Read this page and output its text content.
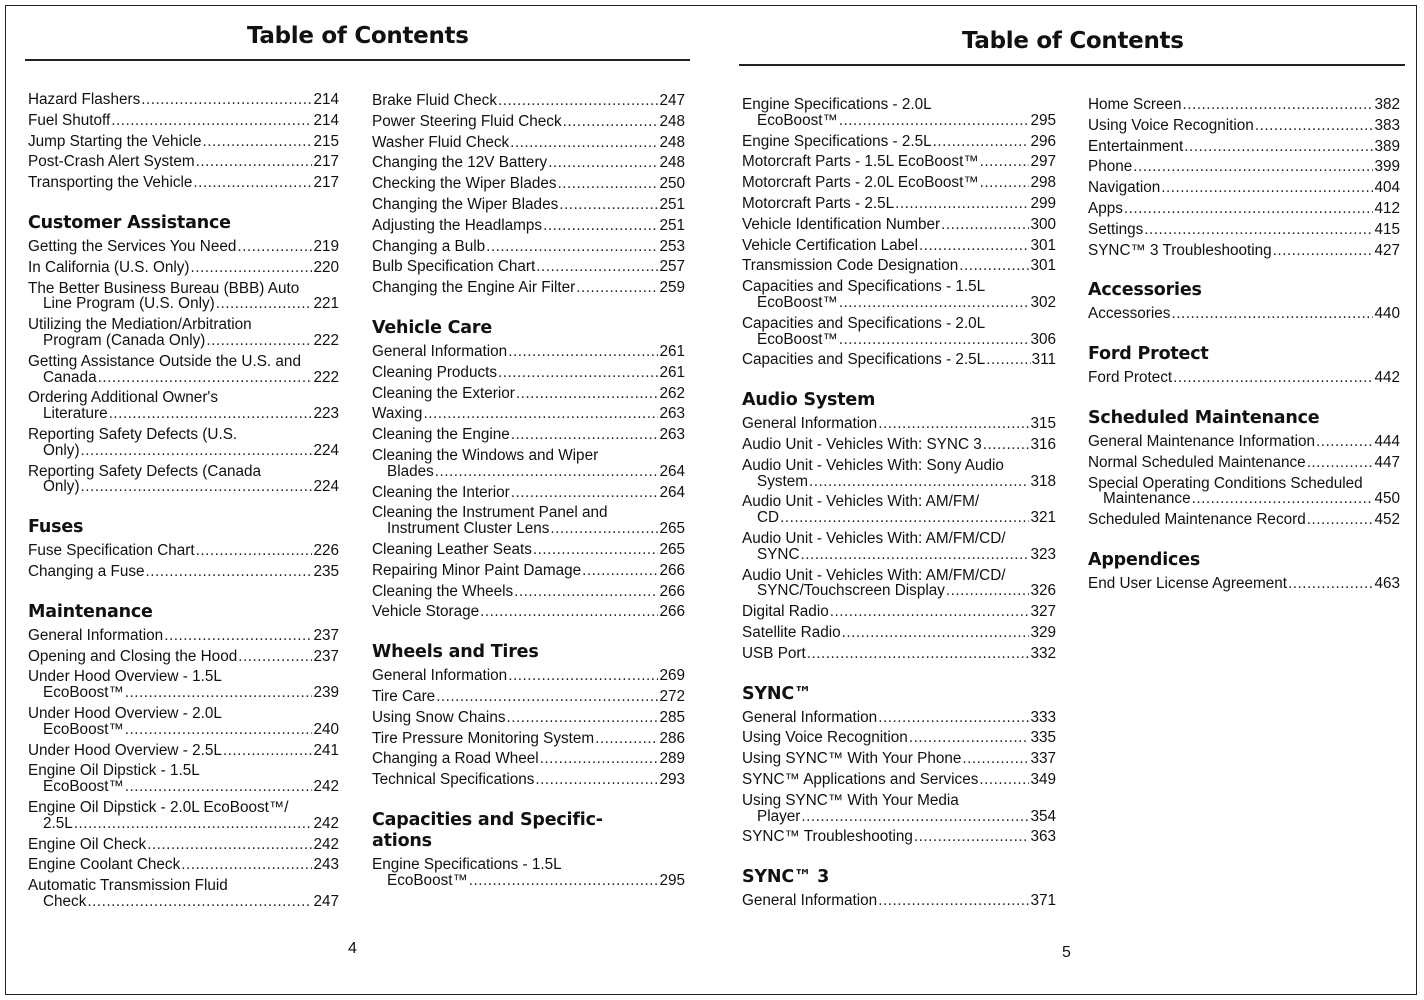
Table of Contents
Hazard Flashers .....	214
Fuel Shutoff .....	214
Jump Starting the Vehicle .....	215
Post-Crash Alert System .....	217
Transporting the Vehicle .....	217
Customer Assistance
Getting the Services You Need .....	219
In California (U.S. Only) .....	220
The Better Business Bureau (BBB) Auto
Line Program (U.S. Only) .....	221
Utilizing the Mediation/Arbitration
Program (Canada Only) .....	222
Getting Assistance Outside the U.S. and
Canada .....	222
Ordering Additional Owner's
Literature .....	223
Reporting Safety Defects (U.S.
Only) .....	224
Reporting Safety Defects (Canada
Only) .....	224
Fuses
Fuse Specification Chart .....	226
Changing a Fuse .....	235
Maintenance
General Information .....	237
Opening and Closing the Hood .....	237
Under Hood Overview - 1.5L
EcoBoost™ .....	239
Under Hood Overview - 2.0L
EcoBoost™ .....	240
Under Hood Overview - 2.5L .....	241
Engine Oil Dipstick - 1.5L
EcoBoost™ .....	242
Engine Oil Dipstick - 2.0L EcoBoost™/
2.5L .....	242
Engine Oil Check .....	242
Engine Coolant Check .....	243
Automatic Transmission Fluid
Check .....	247
Brake Fluid Check .....	247
Power Steering Fluid Check .....	248
Washer Fluid Check .....	248
Changing the 12V Battery .....	248
Checking the Wiper Blades .....	250
Changing the Wiper Blades .....	251
Adjusting the Headlamps .....	251
Changing a Bulb .....	253
Bulb Specification Chart .....	257
Changing the Engine Air Filter .....	259
Vehicle Care
General Information .....	261
Cleaning Products .....	261
Cleaning the Exterior .....	262
Waxing .....	263
Cleaning the Engine .....	263
Cleaning the Windows and Wiper
Blades .....	264
Cleaning the Interior .....	264
Cleaning the Instrument Panel and
Instrument Cluster Lens .....	265
Cleaning Leather Seats .....	265
Repairing Minor Paint Damage .....	266
Cleaning the Wheels .....	266
Vehicle Storage .....	266
Wheels and Tires
General Information .....	269
Tire Care .....	272
Using Snow Chains .....	285
Tire Pressure Monitoring System .....	286
Changing a Road Wheel .....	289
Technical Specifications .....	293
Capacities and Specific-
ations
Engine Specifications - 1.5L
EcoBoost™ .....	295
4
Table of Contents
Engine Specifications - 2.0L
EcoBoost™ .....	295
Engine Specifications - 2.5L .....	296
Motorcraft Parts - 1.5L EcoBoost™ .....	297
Motorcraft Parts - 2.0L EcoBoost™ .....	298
Motorcraft Parts - 2.5L .....	299
Vehicle Identification Number .....	300
Vehicle Certification Label .....	301
Transmission Code Designation .....	301
Capacities and Specifications - 1.5L
EcoBoost™ .....	302
Capacities and Specifications - 2.0L
EcoBoost™ .....	306
Capacities and Specifications - 2.5L .....	311
Audio System
General Information .....	315
Audio Unit - Vehicles With: SYNC 3 .....	316
Audio Unit - Vehicles With: Sony Audio
System .....	318
Audio Unit - Vehicles With: AM/FM/
CD .....	321
Audio Unit - Vehicles With: AM/FM/CD/
SYNC .....	323
Audio Unit - Vehicles With: AM/FM/CD/
SYNC/Touchscreen Display .....	326
Digital Radio .....	327
Satellite Radio .....	329
USB Port .....	332
SYNC™
General Information .....	333
Using Voice Recognition .....	335
Using SYNC™ With Your Phone .....	337
SYNC™ Applications and Services .....	349
Using SYNC™ With Your Media
Player .....	354
SYNC™ Troubleshooting .....	363
SYNC™ 3
General Information .....	371
Home Screen .....	382
Using Voice Recognition .....	383
Entertainment .....	389
Phone .....	399
Navigation .....	404
Apps .....	412
Settings .....	415
SYNC™ 3 Troubleshooting .....	427
Accessories
Accessories .....	440
Ford Protect
Ford Protect .....	442
Scheduled Maintenance
General Maintenance Information .....	444
Normal Scheduled Maintenance .....	447
Special Operating Conditions Scheduled
Maintenance .....	450
Scheduled Maintenance Record .....	452
Appendices
End User License Agreement .....	463
5
